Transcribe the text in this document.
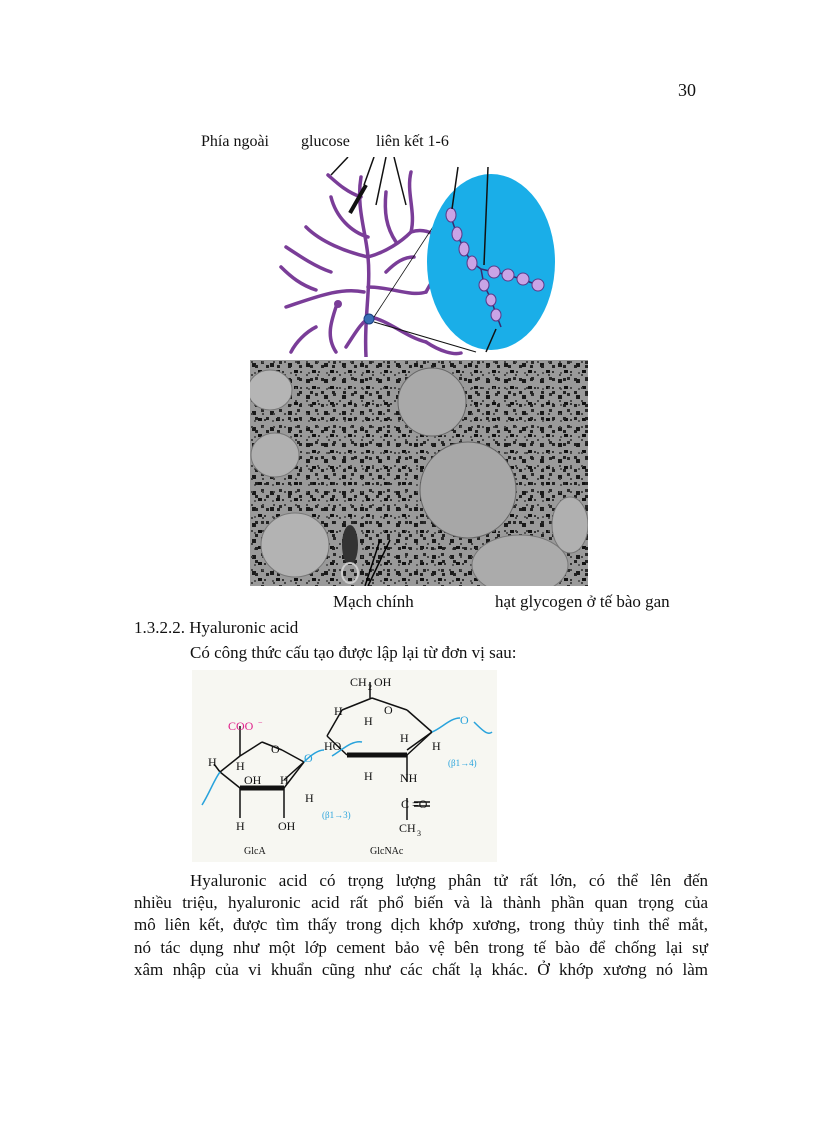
30
Phía ngoài glucose liên kết 1-6
Mạch chính	hạt glycogen ở tế bào gan
1.3.2.2. Hyaluronic acid
Có công thức cấu tạo được lập lại từ đơn vị sau:
COO −
O
H H
OH H
H
H	OH
CH 2 OH
H
H
O
HO
H
H
H NH
C =O
CH 3
O
O	(β1→4)
(β1→3)
GlcA	GlcNAc
Hyaluronic acid có trọng lượng phân tử rất lớn, có thể lên đến
nhiều triệu, hyaluronic acid rất phổ biến và là thành phần quan trọng của
mô liên kết, được tìm thấy trong dịch khớp xương, trong thủy tinh thể mắt,
nó tác dụng như một lớp cement bảo vệ bên trong tế bào để chống lại sự
xâm nhập của vi khuẩn cũng như các chất lạ khác. Ở khớp xương nó làm
